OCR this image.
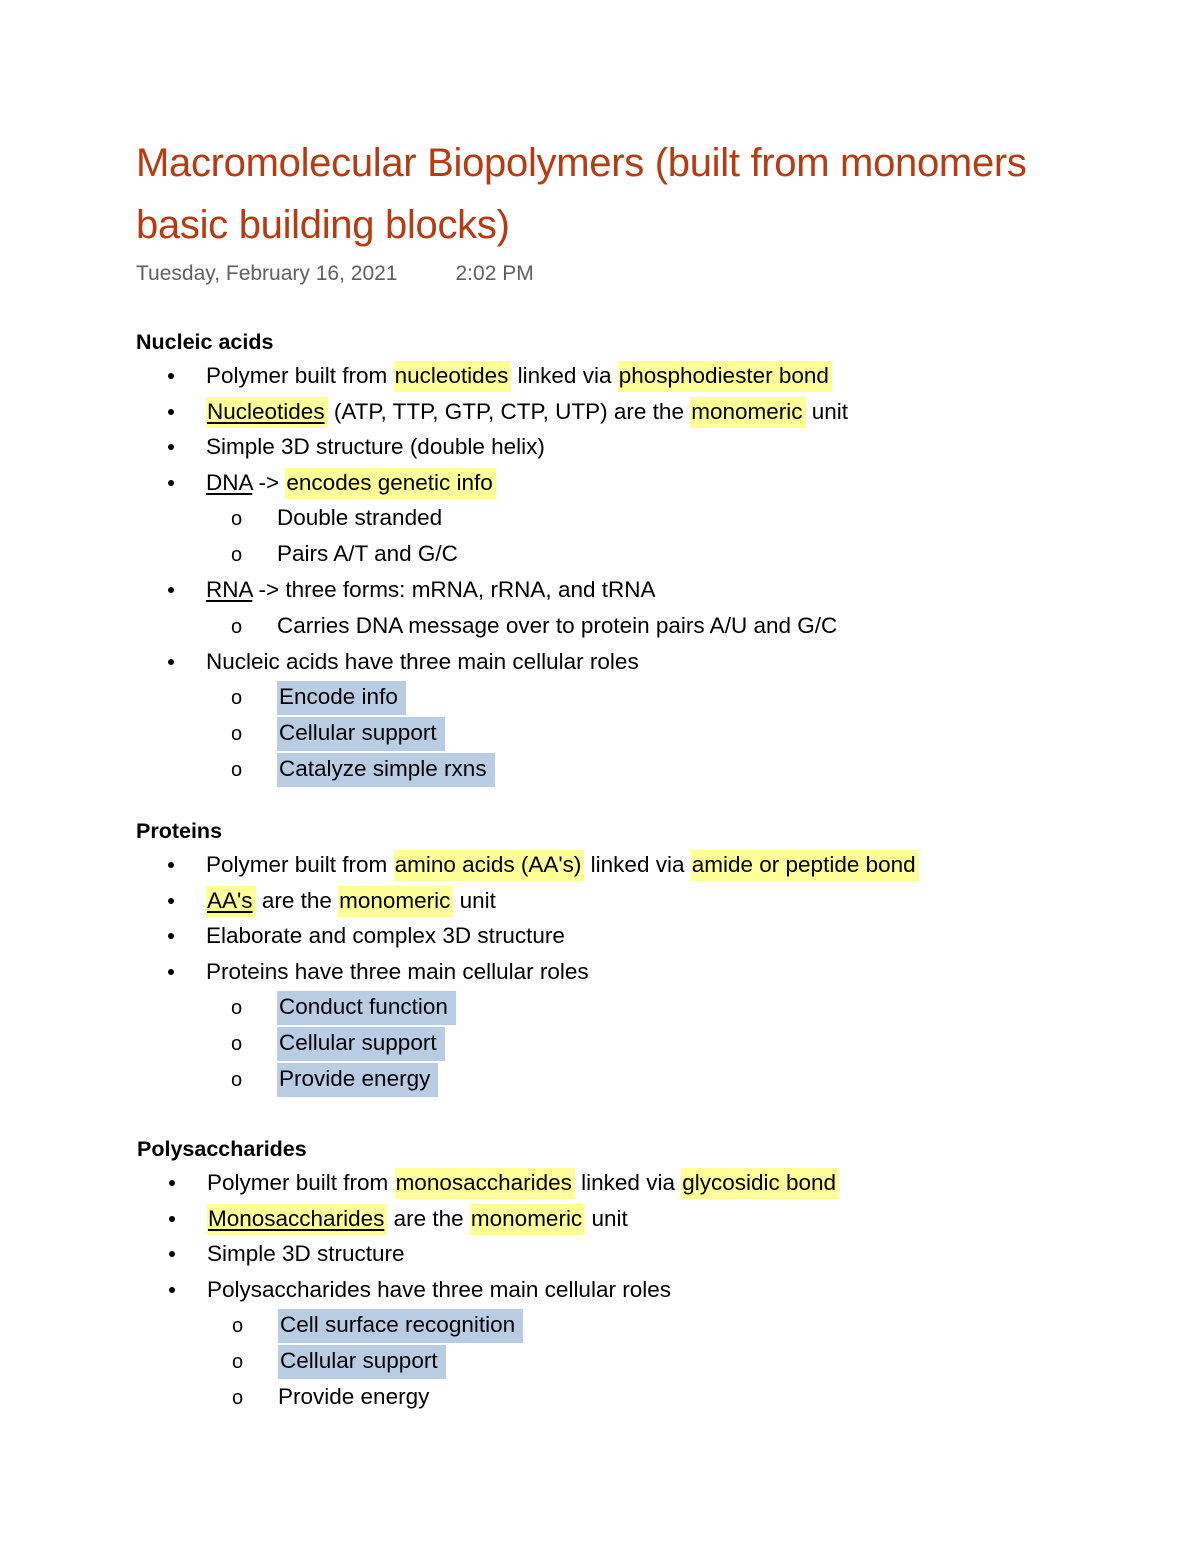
Macromolecular Biopolymers (built from monomers
basic building blocks)
Tuesday, February 16, 2021	2:02 PM
Nucleic acids
Polymer built from nucleotides linked via phosphodiester bond
Nucleotides (ATP, TTP, GTP, CTP, UTP) are the monomeric unit
Simple 3D structure (double helix)
DNA -> encodes genetic info
o Double stranded
o Pairs A/T and G/C
RNA -> three forms: mRNA, rRNA, and tRNA
o Carries DNA message over to protein pairs A/U and G/C
Nucleic acids have three main cellular roles
o Encode info
o Cellular support
o Catalyze simple rxns
Proteins
Polymer built from amino acids (AA's) linked via amide or peptide bond
AA's are the monomeric unit
Elaborate and complex 3D structure
Proteins have three main cellular roles
o Conduct function
o Cellular support
o Provide energy
Polysaccharides
Polymer built from monosaccharides linked via glycosidic bond
Monosaccharides are the monomeric unit
Simple 3D structure
Polysaccharides have three main cellular roles
o Cell surface recognition
o Cellular support
o Provide energy
